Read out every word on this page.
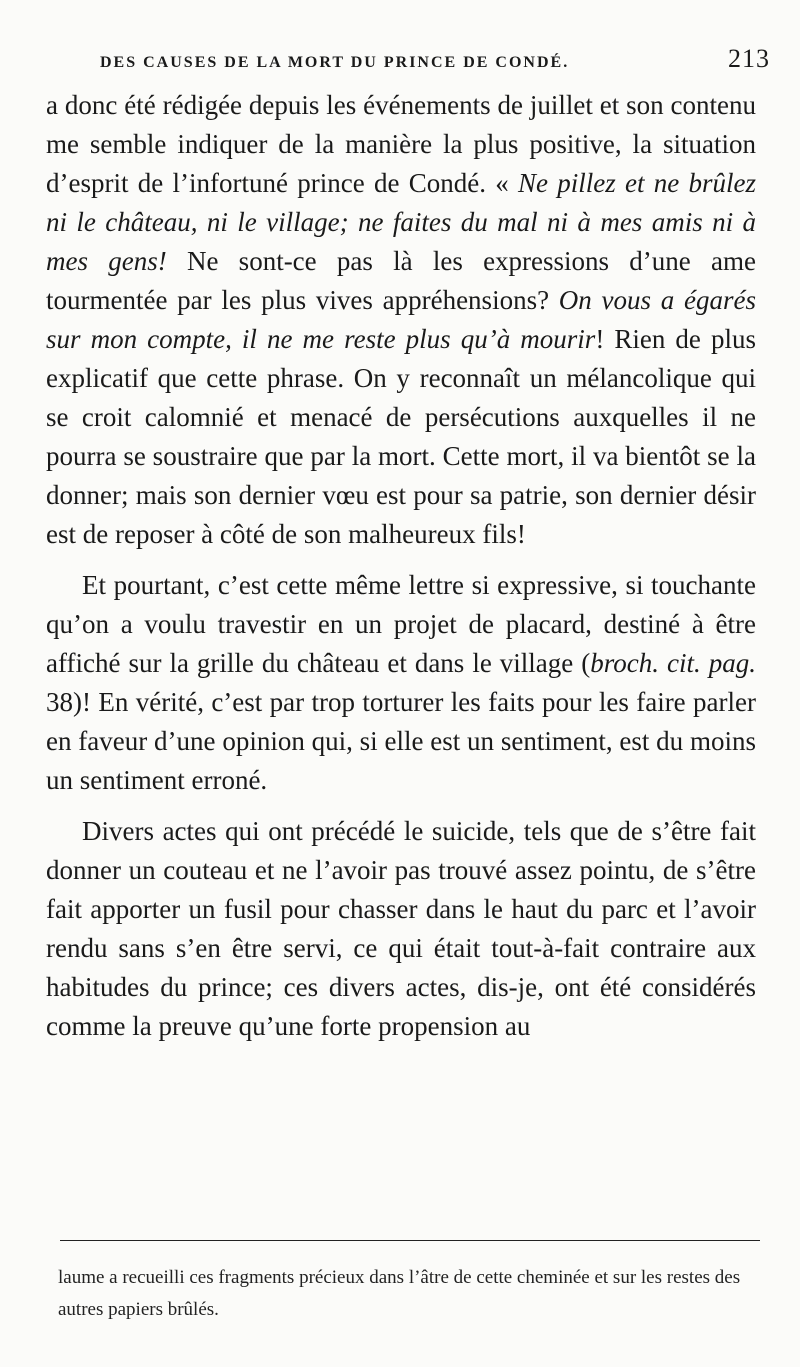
DES CAUSES DE LA MORT DU PRINCE DE CONDÉ.	213

a donc été rédigée depuis les événements de juillet et son contenu me semble indiquer de la manière la plus positive, la situation d’esprit de l’infortuné prince de Condé. « Ne pillez et ne brûlez ni le château, ni le village; ne faites du mal ni à mes amis ni à mes gens! Ne sont-ce pas là les expressions d’une ame tourmentée par les plus vives appréhensions? On vous a égarés sur mon compte, il ne me reste plus qu’à mourir! Rien de plus explicatif que cette phrase. On y reconnaît un mélancolique qui se croit calomnié et menacé de persécutions auxquelles il ne pourra se soustraire que par la mort. Cette mort, il va bientôt se la donner; mais son dernier vœu est pour sa patrie, son dernier désir est de reposer à côté de son malheureux fils!

Et pourtant, c’est cette même lettre si expressive, si touchante qu’on a voulu travestir en un projet de placard, destiné à être affiché sur la grille du château et dans le village (broch. cit. pag. 38)! En vérité, c’est par trop torturer les faits pour les faire parler en faveur d’une opinion qui, si elle est un sentiment, est du moins un sentiment erroné.

Divers actes qui ont précédé le suicide, tels que de s’être fait donner un couteau et ne l’avoir pas trouvé assez pointu, de s’être fait apporter un fusil pour chasser dans le haut du parc et l’avoir rendu sans s’en être servi, ce qui était tout-à-fait contraire aux habitudes du prince; ces divers actes, dis-je, ont été considérés comme la preuve qu’une forte propension au

laume a recueilli ces fragments précieux dans l’âtre de cette cheminée et sur les restes des autres papiers brûlés.
